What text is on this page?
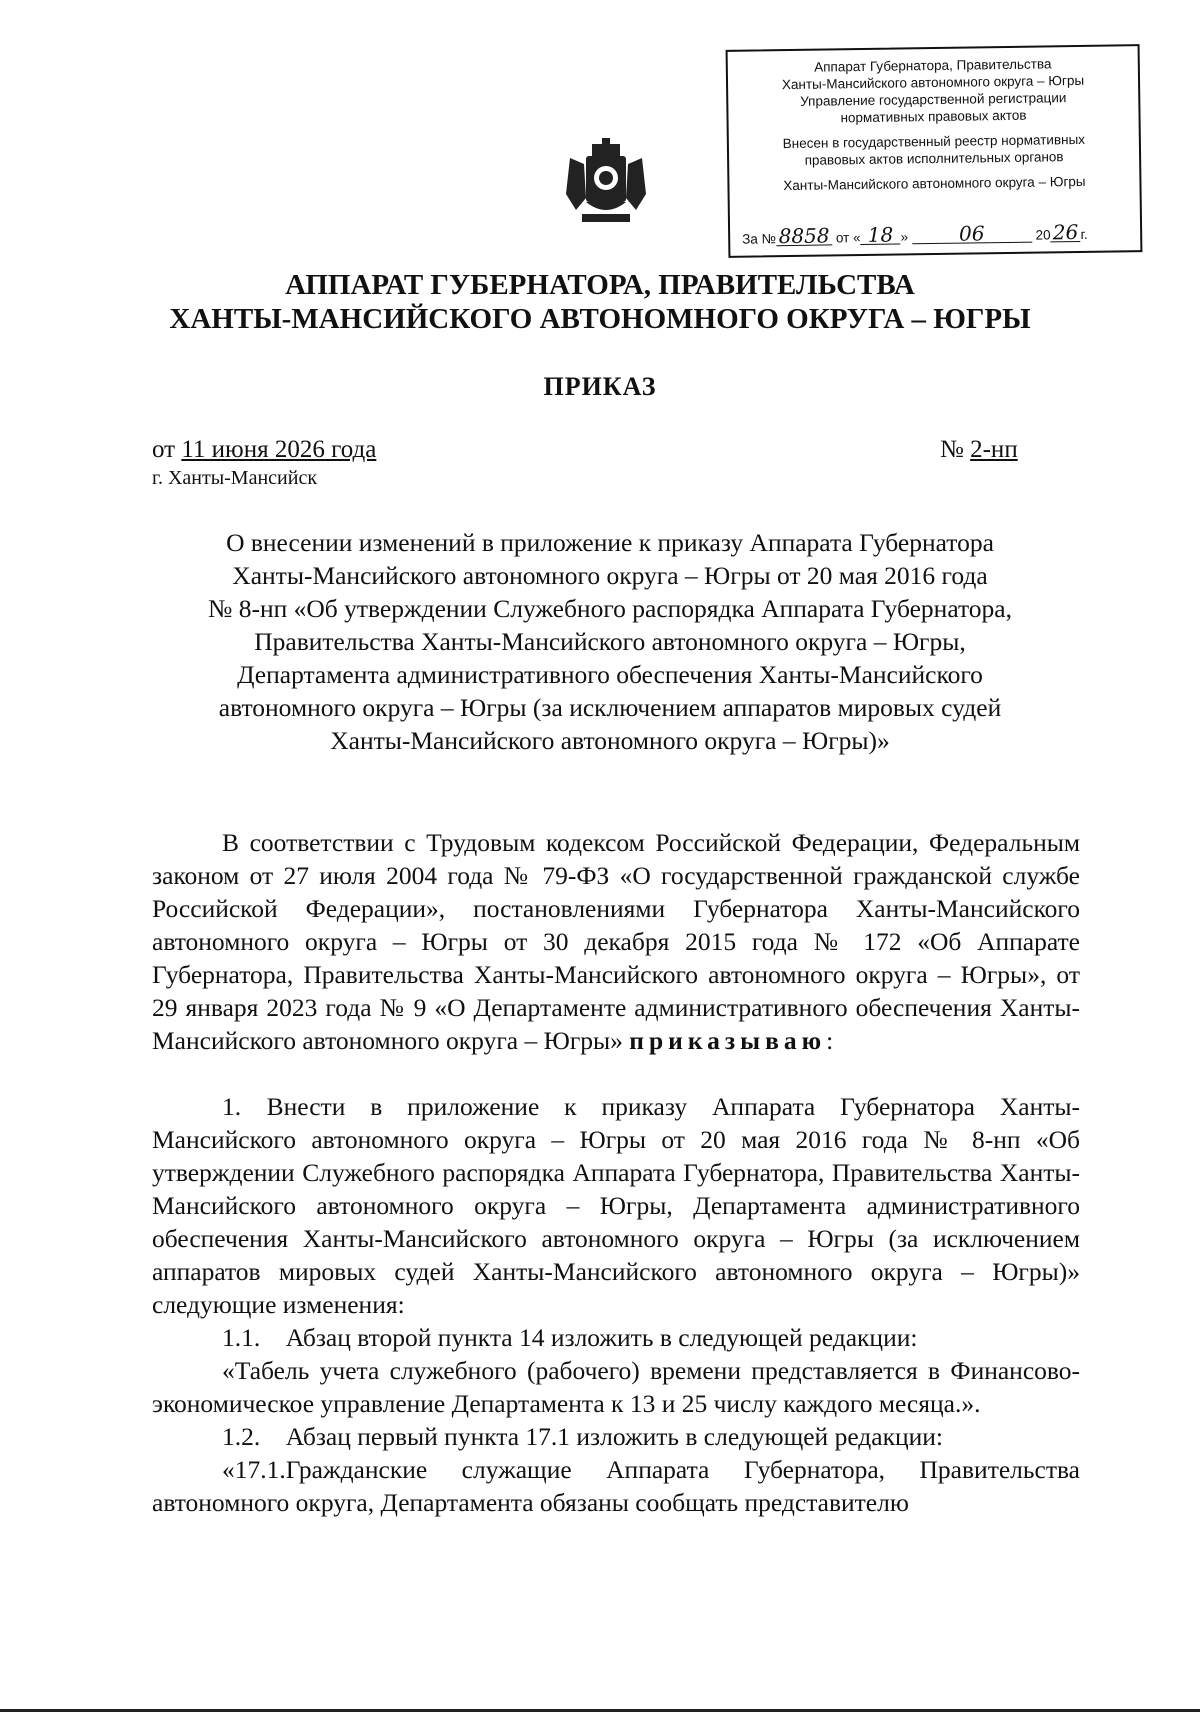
Аппарат Губернатора, Правительства
Ханты-Мансийского автономного округа – Югры
Управление государственной регистрации
нормативных правовых актов
Внесен в государственный реестр нормативных
правовых актов исполнительных органов
Ханты-Мансийского автономного округа – Югры
За № 8858 от « 18 »	06	2026 г.
АППАРАТ ГУБЕРНАТОРА, ПРАВИТЕЛЬСТВА
ХАНТЫ-МАНСИЙСКОГО АВТОНОМНОГО ОКРУГА – ЮГРЫ
ПРИКАЗ
от 11 июня 2026 года	№ 2-нп
г. Ханты-Мансийск
О внесении изменений в приложение к приказу Аппарата Губернатора
Ханты-Мансийского автономного округа – Югры от 20 мая 2016 года
№ 8-нп «Об утверждении Служебного распорядка Аппарата Губернатора,
Правительства Ханты-Мансийского автономного округа – Югры,
Департамента административного обеспечения Ханты-Мансийского
автономного округа – Югры (за исключением аппаратов мировых судей
Ханты-Мансийского автономного округа – Югры)»

В соответствии с Трудовым кодексом Российской Федерации, Федеральным законом от 27 июля 2004 года № 79-ФЗ «О государственной гражданской службе Российской Федерации», постановлениями Губернатора Ханты-Мансийского автономного округа – Югры от 30 декабря 2015 года № 172 «Об Аппарате Губернатора, Правительства Ханты-Мансийского автономного округа – Югры», от 29 января 2023 года № 9 «О Департаменте административного обеспечения Ханты-Мансийского автономного округа – Югры» приказываю:

1. Внести в приложение к приказу Аппарата Губернатора Ханты-Мансийского автономного округа – Югры от 20 мая 2016 года № 8-нп «Об утверждении Служебного распорядка Аппарата Губернатора, Правительства Ханты-Мансийского автономного округа – Югры, Департамента административного обеспечения Ханты-Мансийского автономного округа – Югры (за исключением аппаратов мировых судей Ханты-Мансийского автономного округа – Югры)» следующие изменения:

1.1. Абзац второй пункта 14 изложить в следующей редакции:

«Табель учета служебного (рабочего) времени представляется в Финансово-экономическое управление Департамента к 13 и 25 числу каждого месяца.».

1.2. Абзац первый пункта 17.1 изложить в следующей редакции:

«17.1.Гражданские служащие Аппарата Губернатора, Правительства автономного округа, Департамента обязаны сообщать представителю
